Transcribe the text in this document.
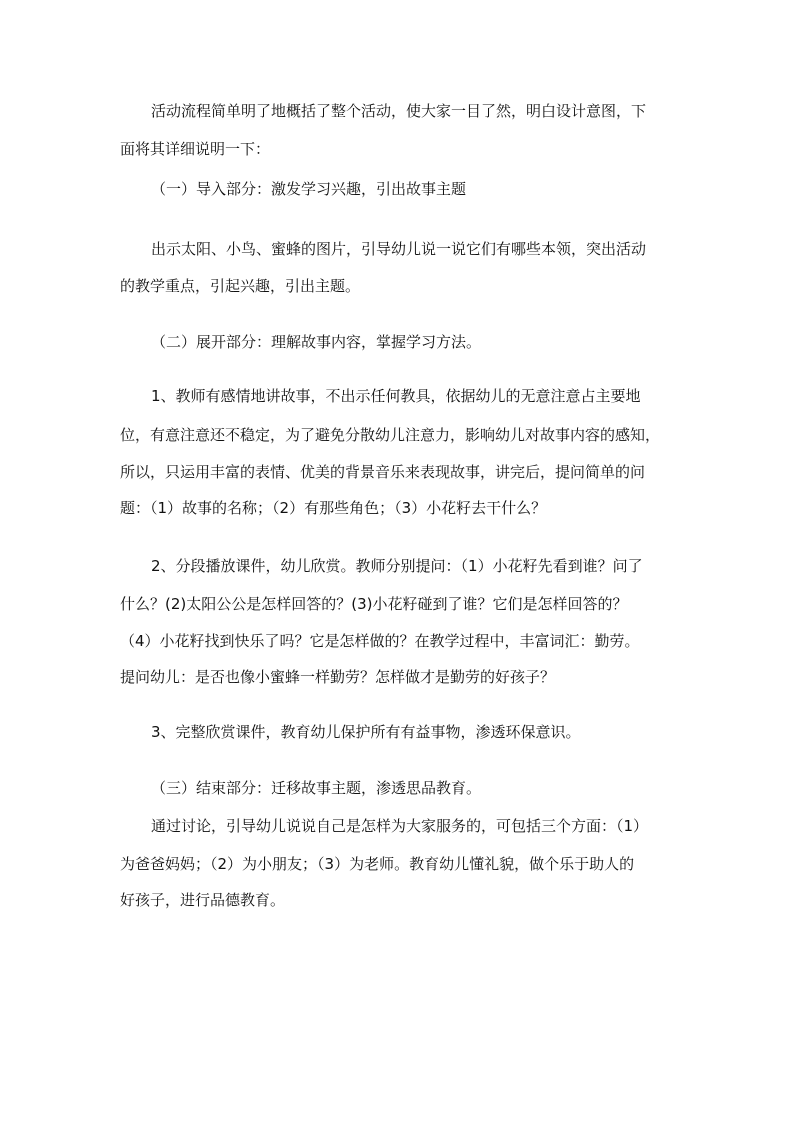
活动流程简单明了地概括了整个活动，使大家一目了然，明白设计意图，下

面将其详细说明一下：

（一）导入部分：激发学习兴趣，引出故事主题

出示太阳、小鸟、蜜蜂的图片，引导幼儿说一说它们有哪些本领，突出活动

的教学重点，引起兴趣，引出主题。

（二）展开部分：理解故事内容，掌握学习方法。

1、教师有感情地讲故事，不出示任何教具，依据幼儿的无意注意占主要地

位，有意注意还不稳定，为了避免分散幼儿注意力，影响幼儿对故事内容的感知，

所以，只运用丰富的表情、优美的背景音乐来表现故事，讲完后，提问简单的问

题：（1）故事的名称；（2）有那些角色；（3）小花籽去干什么？

2、分段播放课件，幼儿欣赏。教师分别提问：（1）小花籽先看到谁？问了

什么？(2)太阳公公是怎样回答的？(3)小花籽碰到了谁？它们是怎样回答的？

（4）小花籽找到快乐了吗？它是怎样做的？在教学过程中，丰富词汇：勤劳。

提问幼儿：是否也像小蜜蜂一样勤劳？怎样做才是勤劳的好孩子？

3、完整欣赏课件，教育幼儿保护所有有益事物，渗透环保意识。

（三）结束部分：迁移故事主题，渗透思品教育。

通过讨论，引导幼儿说说自己是怎样为大家服务的，可包括三个方面：（1）

为爸爸妈妈；（2）为小朋友；（3）为老师。教育幼儿懂礼貌，做个乐于助人的

好孩子，进行品德教育。
